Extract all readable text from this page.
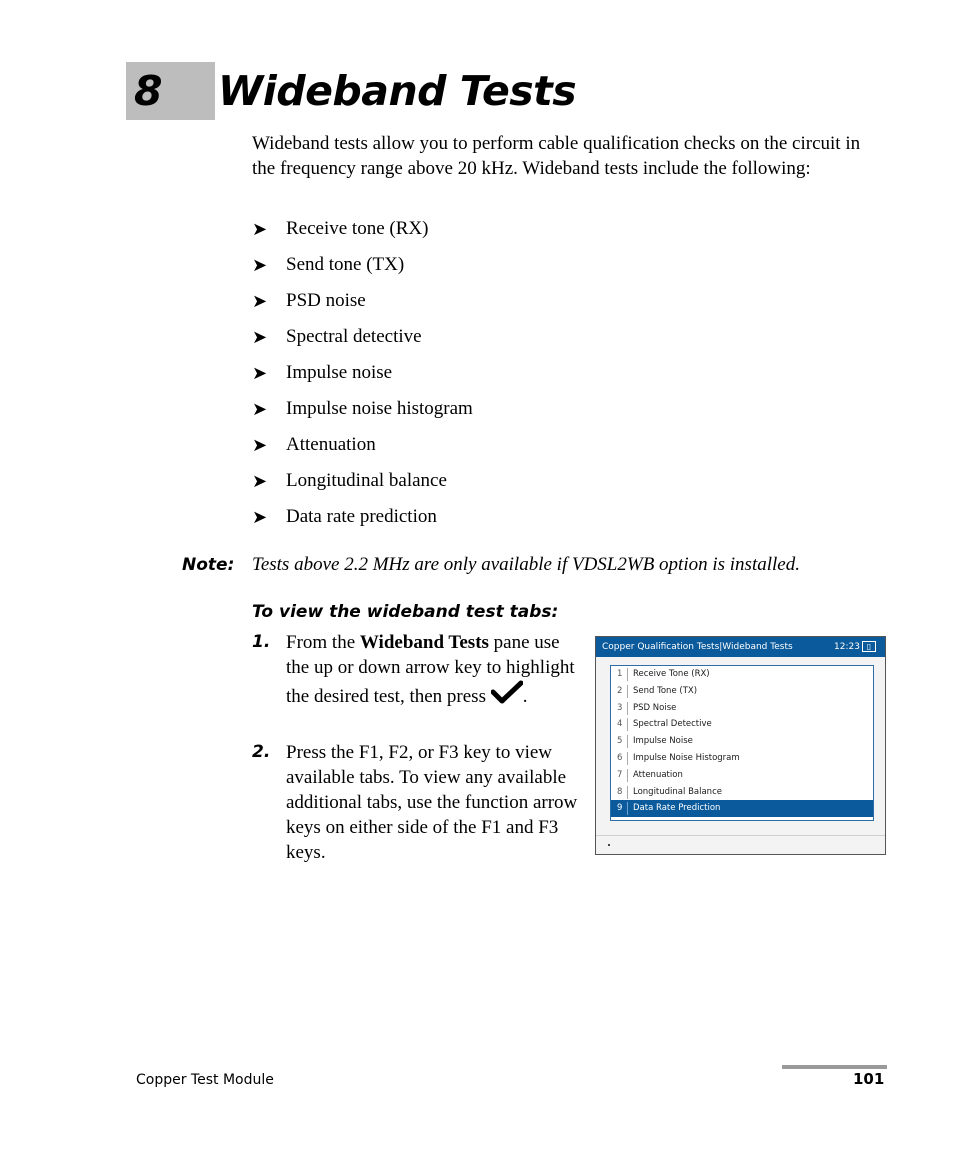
8 Wideband Tests

Wideband tests allow you to perform cable qualification checks on the circuit in the frequency range above 20 kHz. Wideband tests include the following:

➤ Receive tone (RX)
➤ Send tone (TX)
➤ PSD noise
➤ Spectral detective
➤ Impulse noise
➤ Impulse noise histogram
➤ Attenuation
➤ Longitudinal balance
➤ Data rate prediction
Note: Tests above 2.2 MHz are only available if VDSL2WB option is installed.
To view the wideband test tabs:
1. From the Wideband Tests pane use the up or down arrow key to highlight the desired test, then press .

2. Press the F1, F2, or F3 key to view available tabs. To view any available additional tabs, use the function arrow keys on either side of the F1 and F3 keys.

Copper Qualification Tests|Wideband Tests	12:23 ▯
1 Receive Tone (RX)
2 Send Tone (TX)
3 PSD Noise
4 Spectral Detective
5 Impulse Noise
6 Impulse Noise Histogram
7 Attenuation
8 Longitudinal Balance
9 Data Rate Prediction
Copper Test Module	101
